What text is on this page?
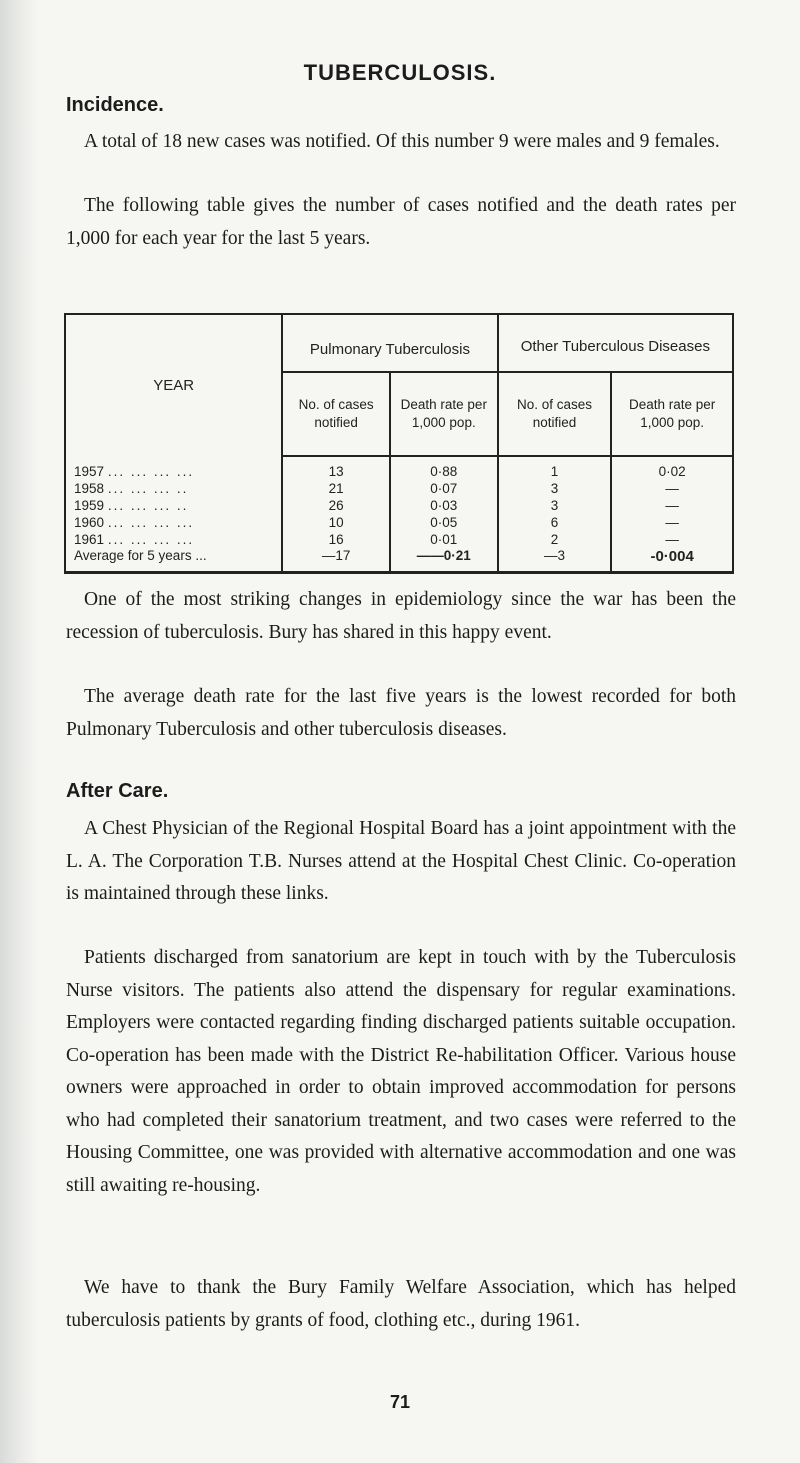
TUBERCULOSIS.
Incidence.

A total of 18 new cases was notified. Of this number 9 were males and 9 females.

The following table gives the number of cases notified and the death rates per 1,000 for each year for the last 5 years.

YEAR	Pulmonary Tuberculosis		Other Tuberculous Diseases	
	No. of cases notified	Death rate per 1,000 pop.	No. of cases notified	Death rate per 1,000 pop.
1957 ... ... ... ...	13	0·88	1	0·02
1958 ... ... ... ..	21	0·07	3	—
1959 ... ... ... ..	26	0·03	3	—
1960 ... ... ... ...	10	0·05	6	—
1961 ... ... ... ...	16	0·01	2	—
Average for 5 years ...	—17	——0·21	—3	-0·004

One of the most striking changes in epidemiology since the war has been the recession of tuberculosis. Bury has shared in this happy event.

The average death rate for the last five years is the lowest recorded for both Pulmonary Tuberculosis and other tuberculosis diseases.

After Care.

A Chest Physician of the Regional Hospital Board has a joint appointment with the L. A. The Corporation T.B. Nurses attend at the Hospital Chest Clinic. Co-operation is maintained through these links.

Patients discharged from sanatorium are kept in touch with by the Tuberculosis Nurse visitors. The patients also attend the dispensary for regular examinations. Employers were contacted regarding finding discharged patients suitable occupation. Co-operation has been made with the District Re-habilitation Officer. Various house owners were approached in order to obtain improved accommodation for persons who had completed their sanatorium treatment, and two cases were referred to the Housing Committee, one was provided with alternative accommodation and one was still awaiting re-housing.

We have to thank the Bury Family Welfare Association, which has helped tuberculosis patients by grants of food, clothing etc., during 1961.

71
